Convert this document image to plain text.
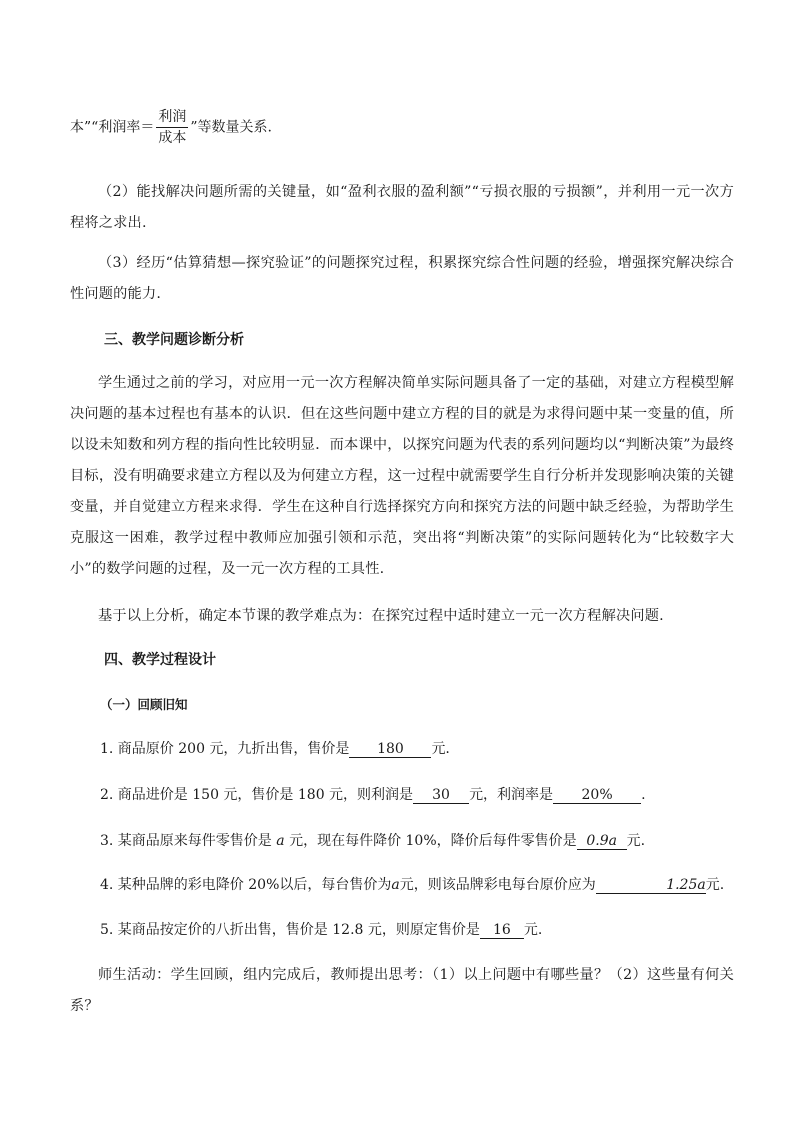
本”“利润率＝ $\frac{\text{利润}}{\text{成本}}$ ”等数量关系.
（2）能找解决问题所需的关键量，如“盈利衣服的盈利额”“亏损衣服的亏损额”，并利用一元一次方程将之求出.
（3）经历“估算猜想—探究验证”的问题探究过程，积累探究综合性问题的经验，增强探究解决综合性问题的能力.
三、教学问题诊断分析
学生通过之前的学习，对应用一元一次方程解决简单实际问题具备了一定的基础，对建立方程模型解决问题的基本过程也有基本的认识．但在这些问题中建立方程的目的就是为求得问题中某一变量的值，所以设未知数和列方程的指向性比较明显．而本课中，以探究问题为代表的系列问题均以“判断决策”为最终目标，没有明确要求建立方程以及为何建立方程，这一过程中就需要学生自行分析并发现影响决策的关键变量，并自觉建立方程来求得．学生在这种自行选择探究方向和探究方法的问题中缺乏经验，为帮助学生克服这一困难，教学过程中教师应加强引领和示范，突出将“判断决策”的实际问题转化为“比较数字大小”的数学问题的过程，及一元一次方程的工具性.
基于以上分析，确定本节课的教学难点为：在探究过程中适时建立一元一次方程解决问题.
四、教学过程设计
（一）回顾旧知
1. 商品原价 200 元，九折出售，售价是 180 元.
2. 商品进价是 150 元，售价是 180 元，则利润是 30 元，利润率是 20% .
3. 某商品原来每件零售价是 a 元，现在每件降价 10%，降价后每件零售价是 0.9a 元.
4. 某种品牌的彩电降价 20%以后，每台售价为a元，则该品牌彩电每台原价应为	1.25a元.
5. 某商品按定价的八折出售，售价是 12.8 元，则原定售价是 16 元.
师生活动：学生回顾，组内完成后，教师提出思考：（1）以上问题中有哪些量？（2）这些量有何关系？
